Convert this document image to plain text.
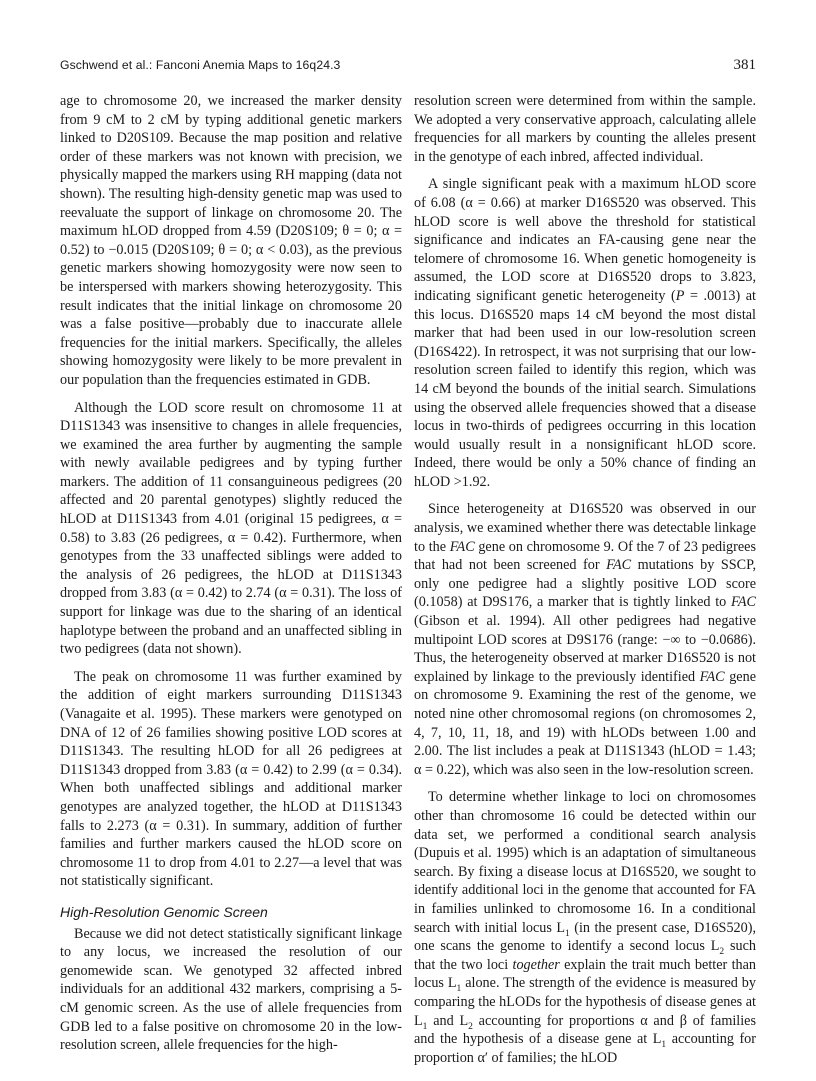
Gschwend et al.: Fanconi Anemia Maps to 16q24.3	381

age to chromosome 20, we increased the marker density from 9 cM to 2 cM by typing additional genetic markers linked to D20S109. Because the map position and relative order of these markers was not known with precision, we physically mapped the markers using RH mapping (data not shown). The resulting high-density genetic map was used to reevaluate the support of linkage on chromosome 20. The maximum hLOD dropped from 4.59 (D20S109; θ = 0; α = 0.52) to −0.015 (D20S109; θ = 0; α < 0.03), as the previous genetic markers showing homozygosity were now seen to be interspersed with markers showing heterozygosity. This result indicates that the initial linkage on chromosome 20 was a false positive—probably due to inaccurate allele frequencies for the initial markers. Specifically, the alleles showing homozygosity were likely to be more prevalent in our population than the frequencies estimated in GDB.

Although the LOD score result on chromosome 11 at D11S1343 was insensitive to changes in allele frequencies, we examined the area further by augmenting the sample with newly available pedigrees and by typing further markers. The addition of 11 consanguineous pedigrees (20 affected and 20 parental genotypes) slightly reduced the hLOD at D11S1343 from 4.01 (original 15 pedigrees, α = 0.58) to 3.83 (26 pedigrees, α = 0.42). Furthermore, when genotypes from the 33 unaffected siblings were added to the analysis of 26 pedigrees, the hLOD at D11S1343 dropped from 3.83 (α = 0.42) to 2.74 (α = 0.31). The loss of support for linkage was due to the sharing of an identical haplotype between the proband and an unaffected sibling in two pedigrees (data not shown).

The peak on chromosome 11 was further examined by the addition of eight markers surrounding D11S1343 (Vanagaite et al. 1995). These markers were genotyped on DNA of 12 of 26 families showing positive LOD scores at D11S1343. The resulting hLOD for all 26 pedigrees at D11S1343 dropped from 3.83 (α = 0.42) to 2.99 (α = 0.34). When both unaffected siblings and additional marker genotypes are analyzed together, the hLOD at D11S1343 falls to 2.273 (α = 0.31). In summary, addition of further families and further markers caused the hLOD score on chromosome 11 to drop from 4.01 to 2.27—a level that was not statistically significant.

High-Resolution Genomic Screen

Because we did not detect statistically significant linkage to any locus, we increased the resolution of our genomewide scan. We genotyped 32 affected inbred individuals for an additional 432 markers, comprising a 5-cM genomic screen. As the use of allele frequencies from GDB led to a false positive on chromosome 20 in the low-resolution screen, allele frequencies for the high-

resolution screen were determined from within the sample. We adopted a very conservative approach, calculating allele frequencies for all markers by counting the alleles present in the genotype of each inbred, affected individual.

A single significant peak with a maximum hLOD score of 6.08 (α = 0.66) at marker D16S520 was observed. This hLOD score is well above the threshold for statistical significance and indicates an FA-causing gene near the telomere of chromosome 16. When genetic homogeneity is assumed, the LOD score at D16S520 drops to 3.823, indicating significant genetic heterogeneity (P = .0013) at this locus. D16S520 maps 14 cM beyond the most distal marker that had been used in our low-resolution screen (D16S422). In retrospect, it was not surprising that our low-resolution screen failed to identify this region, which was 14 cM beyond the bounds of the initial search. Simulations using the observed allele frequencies showed that a disease locus in two-thirds of pedigrees occurring in this location would usually result in a nonsignificant hLOD score. Indeed, there would be only a 50% chance of finding an hLOD >1.92.

Since heterogeneity at D16S520 was observed in our analysis, we examined whether there was detectable linkage to the FAC gene on chromosome 9. Of the 7 of 23 pedigrees that had not been screened for FAC mutations by SSCP, only one pedigree had a slightly positive LOD score (0.1058) at D9S176, a marker that is tightly linked to FAC (Gibson et al. 1994). All other pedigrees had negative multipoint LOD scores at D9S176 (range: −∞ to −0.0686). Thus, the heterogeneity observed at marker D16S520 is not explained by linkage to the previously identified FAC gene on chromosome 9. Examining the rest of the genome, we noted nine other chromosomal regions (on chromosomes 2, 4, 7, 10, 11, 18, and 19) with hLODs between 1.00 and 2.00. The list includes a peak at D11S1343 (hLOD = 1.43; α = 0.22), which was also seen in the low-resolution screen.

To determine whether linkage to loci on chromosomes other than chromosome 16 could be detected within our data set, we performed a conditional search analysis (Dupuis et al. 1995) which is an adaptation of simultaneous search. By fixing a disease locus at D16S520, we sought to identify additional loci in the genome that accounted for FA in families unlinked to chromosome 16. In a conditional search with initial locus $L_1$ (in the present case, D16S520), one scans the genome to identify a second locus $L_2$ such that the two loci together explain the trait much better than locus $L_1$ alone. The strength of the evidence is measured by comparing the hLODs for the hypothesis of disease genes at $L_1$ and $L_2$ accounting for proportions α and β of families and the hypothesis of a disease gene at $L_1$ accounting for proportion α′ of families; the hLOD
